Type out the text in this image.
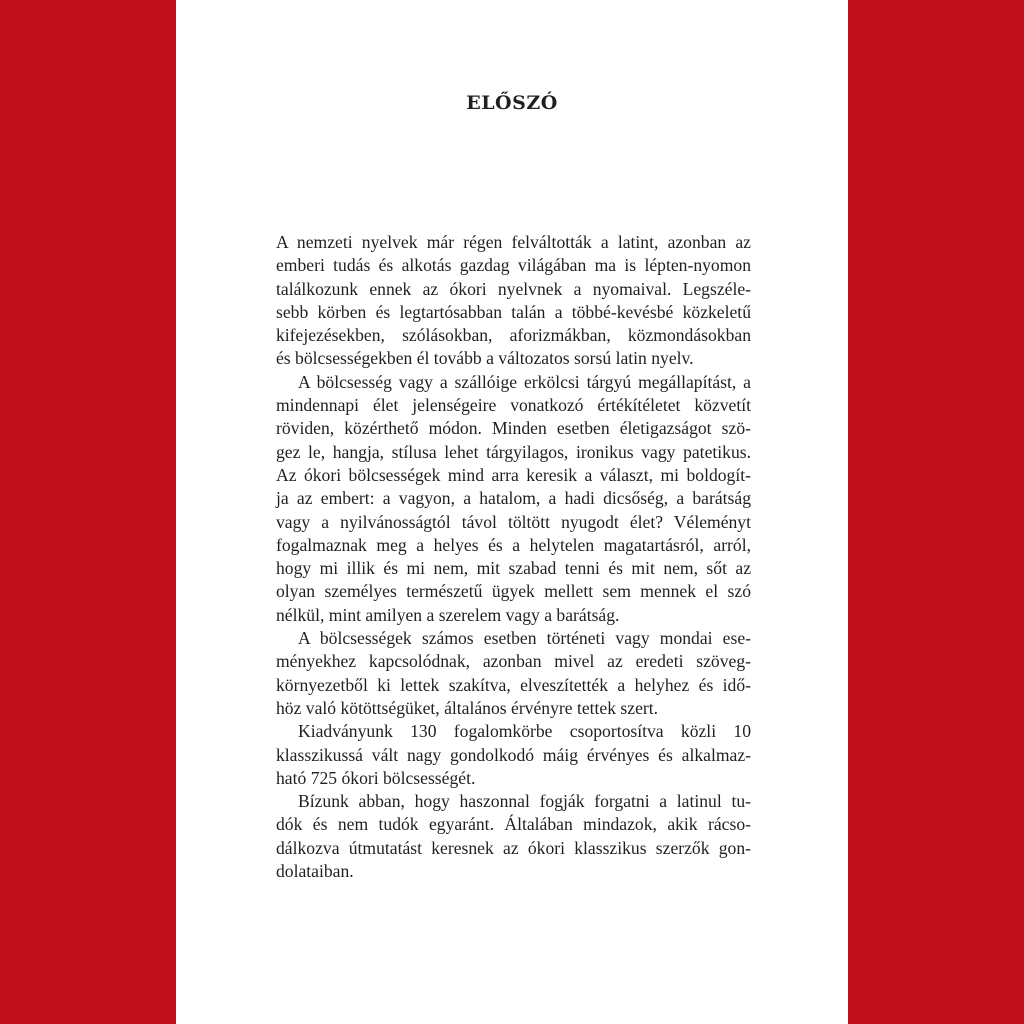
ELŐSZÓ
A nemzeti nyelvek már régen felváltották a latint, azonban az
emberi tudás és alkotás gazdag világában ma is lépten-nyomon
találkozunk ennek az ókori nyelvnek a nyomaival. Legszéle-
sebb körben és legtartósabban talán a többé-kevésbé közkeletű
kifejezésekben, szólásokban, aforizmákban, közmondásokban
és bölcsességekben él tovább a változatos sorsú latin nyelv.
A bölcsesség vagy a szállóige erkölcsi tárgyú megállapítást, a
mindennapi élet jelenségeire vonatkozó értékítéletet közvetít
röviden, közérthető módon. Minden esetben életigazságot szö-
gez le, hangja, stílusa lehet tárgyilagos, ironikus vagy patetikus.
Az ókori bölcsességek mind arra keresik a választ, mi boldogít-
ja az embert: a vagyon, a hatalom, a hadi dicsőség, a barátság
vagy a nyilvánosságtól távol töltött nyugodt élet? Véleményt
fogalmaznak meg a helyes és a helytelen magatartásról, arról,
hogy mi illik és mi nem, mit szabad tenni és mit nem, sőt az
olyan személyes természetű ügyek mellett sem mennek el szó
nélkül, mint amilyen a szerelem vagy a barátság.
A bölcsességek számos esetben történeti vagy mondai ese-
ményekhez kapcsolódnak, azonban mivel az eredeti szöveg-
környezetből ki lettek szakítva, elveszítették a helyhez és idő-
höz való kötöttségüket, általános érvényre tettek szert.
Kiadványunk 130 fogalomkörbe csoportosítva közli 10
klasszikussá vált nagy gondolkodó máig érvényes és alkalmaz-
ható 725 ókori bölcsességét.
Bízunk abban, hogy haszonnal fogják forgatni a latinul tu-
dók és nem tudók egyaránt. Általában mindazok, akik rácso-
dálkozva útmutatást keresnek az ókori klasszikus szerzők gon-
dolataiban.
